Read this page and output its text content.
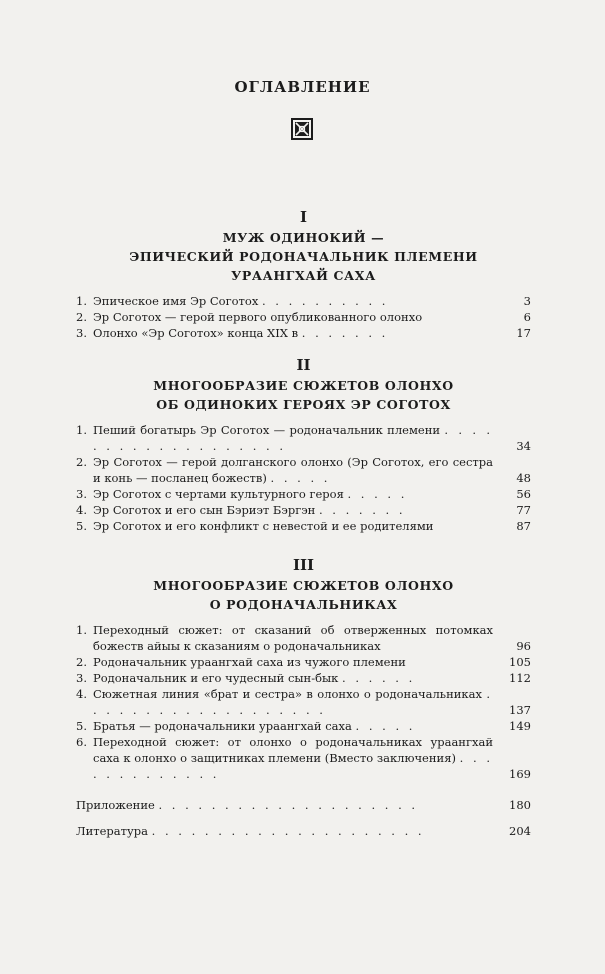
ОГЛАВЛЕНИЕ
I
МУЖ ОДИНОКИЙ —
ЭПИЧЕСКИЙ РОДОНАЧАЛЬНИК ПЛЕМЕНИ
УРААНГХАЙ САХА
1. Эпическое имя Эр Соготох . . . . . . . . . .	3
2. Эр Соготох — герой первого опубликованного олонхо	6
3. Олонхо «Эр Соготох» конца XIX в . . . . . . .	17
II
МНОГООБРАЗИЕ СЮЖЕТОВ ОЛОНХО
ОБ ОДИНОКИХ ГЕРОЯХ ЭР СОГОТОХ
1. Пеший богатырь Эр Соготох — родоначальник племени . . . . . . . . . . . . . . . . . . .	34
2. Эр Соготох — герой долганского олонхо (Эр Соготох, его сестра и конь — посланец божеств) . . . . .	48
3. Эр Соготох с чертами культурного героя . . . . .	56
4. Эр Соготох и его сын Бэриэт Бэргэн . . . . . . .	77
5. Эр Соготох и его конфликт с невестой и ее родителями	87
III
МНОГООБРАЗИЕ СЮЖЕТОВ ОЛОНХО
О РОДОНАЧАЛЬНИКАХ
1. Переходный сюжет: от сказаний об отверженных потомках божеств айыы к сказаниям о родоначальниках	96
2. Родоначальник ураангхай саха из чужого племени	105
3. Родоначальник и его чудесный сын-бык . . . . . .	112
4. Сюжетная линия «брат и сестра» в олонхо о родоначальниках . . . . . . . . . . . . . . . . . . .	137
5. Братья — родоначальники ураангхай саха . . . . .	149
6. Переходной сюжет: от олонхо о родоначальниках ураангхай саха к олонхо о защитниках племени (Вместо заключения) . . . . . . . . . . . . .	169
Приложение . . . . . . . . . . . . . . . . . . . .	180
Литература . . . . . . . . . . . . . . . . . . . . .	204
